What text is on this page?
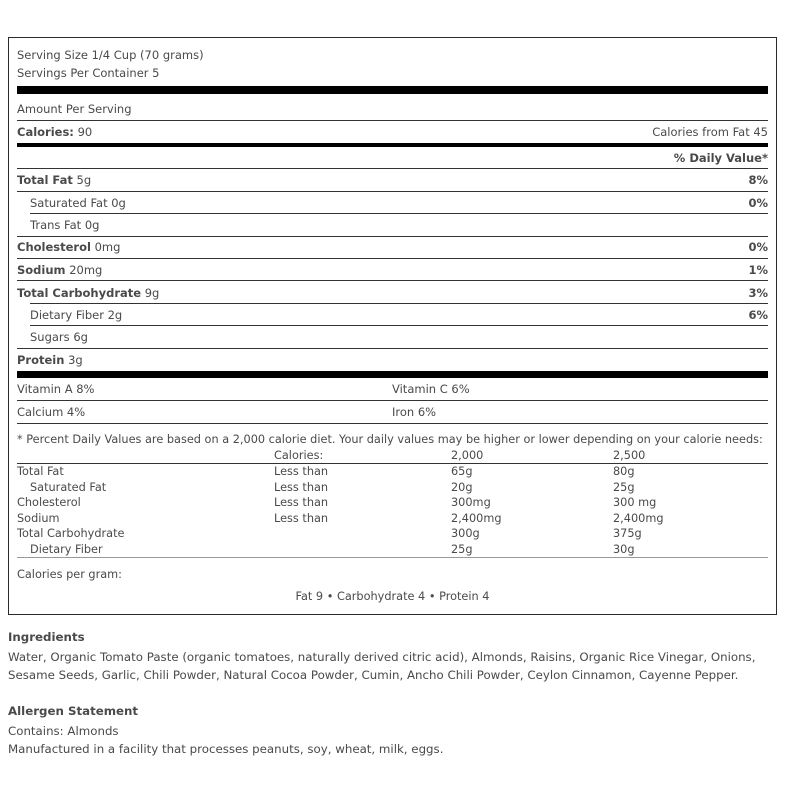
Serving Size 1/4 Cup (70 grams)
Servings Per Container 5
Amount Per Serving
Calories: 90	Calories from Fat 45
% Daily Value*
Total Fat 5g	8%
Saturated Fat 0g	0%
Trans Fat 0g
Cholesterol 0mg	0%
Sodium 20mg	1%
Total Carbohydrate 9g	3%
Dietary Fiber 2g	6%
Sugars 6g
Protein 3g
Vitamin A 8%	Vitamin C 6%
Calcium 4%	Iron 6%
* Percent Daily Values are based on a 2,000 calorie diet. Your daily values may be higher or lower depending on your calorie needs:
	Calories:	2,000	2,500
Total Fat	Less than	65g	80g
Saturated Fat	Less than	20g	25g
Cholesterol	Less than	300mg	300 mg
Sodium	Less than	2,400mg	2,400mg
Total Carbohydrate		300g	375g
Dietary Fiber		25g	30g
Calories per gram:
Fat 9 • Carbohydrate 4 • Protein 4
Ingredients

Water, Organic Tomato Paste (organic tomatoes, naturally derived citric acid), Almonds, Raisins, Organic Rice Vinegar, Onions, Sesame Seeds, Garlic, Chili Powder, Natural Cocoa Powder, Cumin, Ancho Chili Powder, Ceylon Cinnamon, Cayenne Pepper.

Allergen Statement

Contains: Almonds

Manufactured in a facility that processes peanuts, soy, wheat, milk, eggs.
